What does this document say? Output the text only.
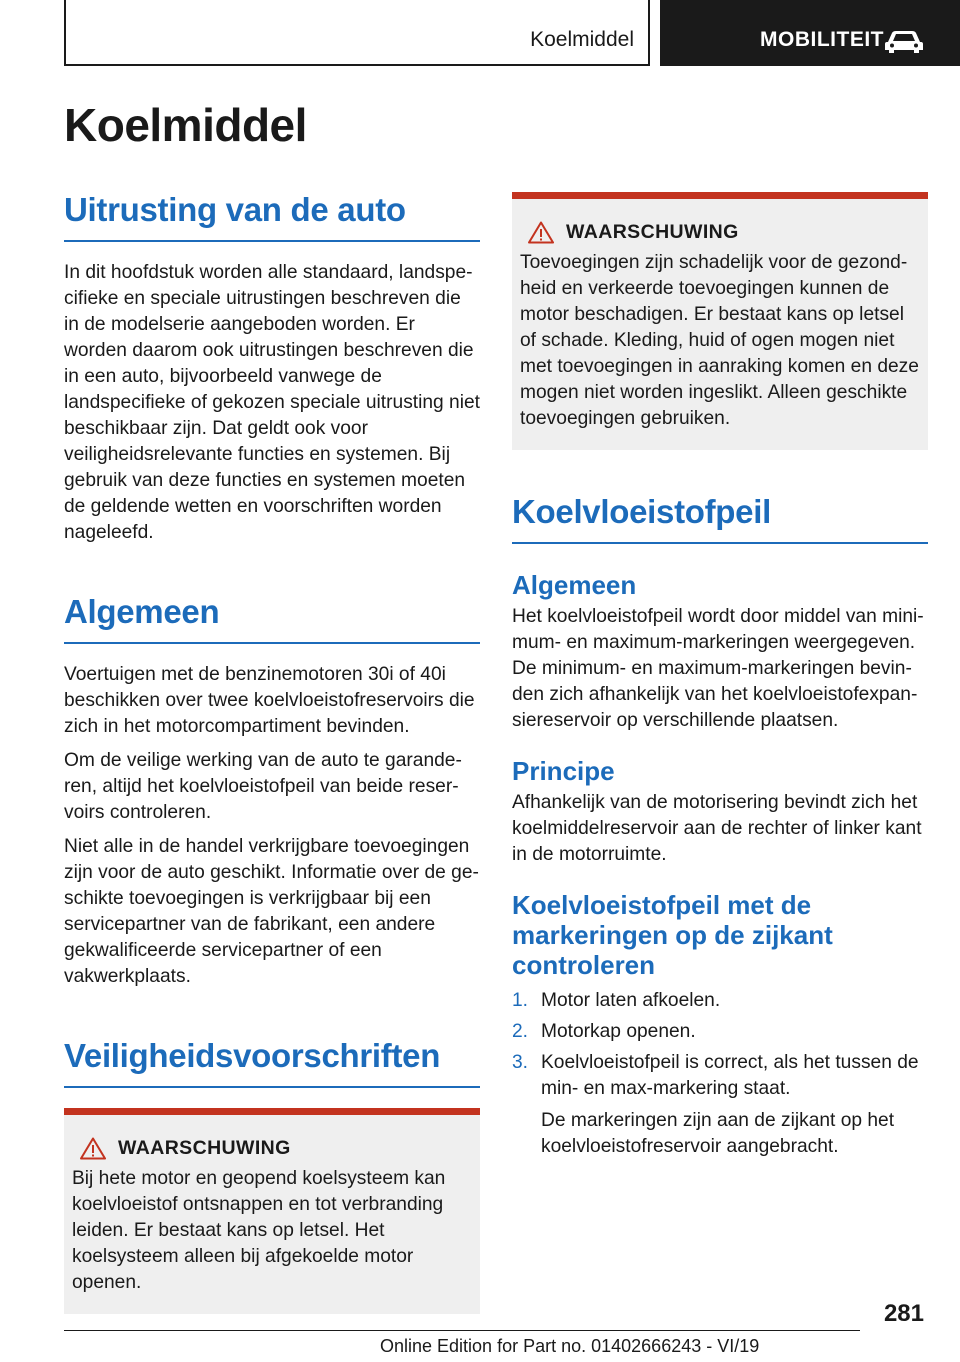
Koelmiddel	MOBILITEIT
Koelmiddel
Uitrusting van de auto

In dit hoofdstuk worden alle standaard, landspecifieke en speciale uitrustingen beschreven die in de modelserie aangeboden worden. Er worden daarom ook uitrustingen beschreven die in een auto, bijvoorbeeld vanwege de landspecifieke of gekozen speciale uitrusting niet beschikbaar zijn. Dat geldt ook voor veiligheidsrelevante functies en systemen. Bij gebruik van deze functies en systemen moeten de geldende wetten en voorschriften worden nageleefd.

Algemeen

Voertuigen met de benzinemotoren 30i of 40i beschikken over twee koelvloeistofreservoirs die zich in het motorcompartiment bevinden.

Om de veilige werking van de auto te garanderen, altijd het koelvloeistofpeil van beide reservoirs controleren.

Niet alle in de handel verkrijgbare toevoegingen zijn voor de auto geschikt. Informatie over de geschikte toevoegingen is verkrijgbaar bij een servicepartner van de fabrikant, een andere gekwalificeerde servicepartner of een vakwerkplaats.

Veiligheidsvoorschriften
WAARSCHUWING

Bij hete motor en geopend koelsysteem kan koelvloeistof ontsnappen en tot verbranding leiden. Er bestaat kans op letsel. Het koelsysteem alleen bij afgekoelde motor openen.

WAARSCHUWING

Toevoegingen zijn schadelijk voor de gezondheid en verkeerde toevoegingen kunnen de motor beschadigen. Er bestaat kans op letsel of schade. Kleding, huid of ogen mogen niet met toevoegingen in aanraking komen en deze mogen niet worden ingeslikt. Alleen geschikte toevoegingen gebruiken.

Koelvloeistofpeil
Algemeen

Het koelvloeistofpeil wordt door middel van minimum- en maximum-markeringen weergegeven. De minimum- en maximum-markeringen bevinden zich afhankelijk van het koelvloeistofexpansiereservoir op verschillende plaatsen.

Principe

Afhankelijk van de motorisering bevindt zich het koelmiddelreservoir aan de rechter of linker kant in de motorruimte.

Koelvloeistofpeil met de markeringen op de zijkant controleren
1. Motor laten afkoelen.
2. Motorkap openen.
3. Koelvloeistofpeil is correct, als het tussen de min- en max-markering staat.

De markeringen zijn aan de zijkant op het koelvloeistofreservoir aangebracht.

281
Online Edition for Part no. 01402666243 - VI/19
